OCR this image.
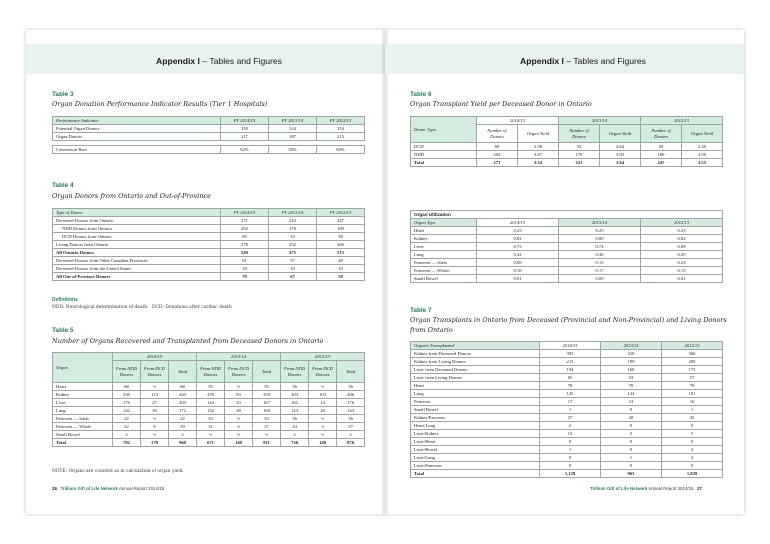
Appendix I – Tables and Figures
Table 3
Organ Donation Performance Indicator Results (Tier 1 Hospitals)
Performance Indicator	FY 2014/15	FY 2013/14	FY 2012/13
Potential Organ Donors	350	324	354
Organ Donors	217	187	213

Conversion Rate	62%	58%	60%
Table 4
Organ Donors from Ontario and Out-of-Province
Type of Donor	FY 2014/15	FY 2013/14	FY 2012/13
Deceased Donors from Ontario	271	223	247
NDD Donors from Ontario	202	170	189
DCD Donors from Ontario	69	53	58
Living Donors from Ontario	278	252	266
All Ontario Donors	549	475	513
Deceased Donors from Other Canadian Provinces	61	57	48
Deceased Donors from the United States	18	10	10
All Out-of-Province Donors	79	67	58
Definitions
NDD: Neurological determination of death DCD: Donations after cardiac death
Table 5
Number of Organs Recovered and Transplanted from Deceased Donors in Ontario
Organ	2014/15			2013/14			2012/13		
	From NDD Donors	From DCD Donors	Total	From NDD Donors	From DCD Donors	Total	From NDD Donors	From DCD Donors	Total
Heart	68	0	68	55	0	55	56	0	56
Kidney	330	113	443	276	83	359	303	103	406
Liver	176	27	203	144	23	167	162	14	176
Lung	142	30	172	132	28	160	123	20	143
Pancreas — Islets	22	0	22	33	0	33	56	0	56
Pancreas — Whole	42	8	50	31	6	37	34	3	37
Small Bowel	2	0	2	0	0	0	2	0	2
Total	782	178	960	671	140	811	736	140	876
NOTE: Organs are counted as in calculation of organ yield.
26 Trillium Gift of Life Network Annual Report 2014/15
Appendix I – Tables and Figures
Table 6
Organ Transplant Yield per Deceased Donor in Ontario
Donor Type	2014/15		2013/14		2012/13	
	Number of Donors	Organ Yield	Number of Donors	Organ Yield	Number of Donors	Organ Yield
DCD	69	2.58	53	2.64	58	2.40
NDD	202	3.87	170	3.95	189	3.90
Total	271	3.54	223	3.64	247	3.55
Organ Utilization			
Organ Type	2014/15	2013/14	2012/13
Heart	0.25	0.25	0.23
Kidney	0.82	0.80	0.82
Liver	0.73	0.74	0.69
Lung	0.32	0.36	0.29
Pancreas — Islets	0.08	0.15	0.23
Pancreas — Whole	0.18	0.17	0.15
Small Bowel	0.01	0.00	0.01
Table 7
Organ Transplants in Ontario from Deceased (Provincial and Non-Provincial) and Living Donors
from Ontario
Organ/s Transplanted	2014/15	2013/14	2012/13
Kidney from Deceased Donors	393	310	366
Kidney from Living Donors	213	199	209
Liver from Deceased Donors	194	160	175
Liver from Living Donors	65	53	57
Heart	78	70	70
Lung	125	124	101
Pancreas	17	13	16
Small Bowel	1	0	1
Kidney/Pancreas	37	28	25
Heart/Lung	2	0	0
Liver/Kidney	13	5	5
Liver/Heart	0	0	0
Liver/Bowel	1	0	2
Liver/Lung	0	1	2
Liver/Pancreas	0	0	0
Total	1,129	963	1,029
Trillium Gift of Life Network Annual Report 2014/15 27
